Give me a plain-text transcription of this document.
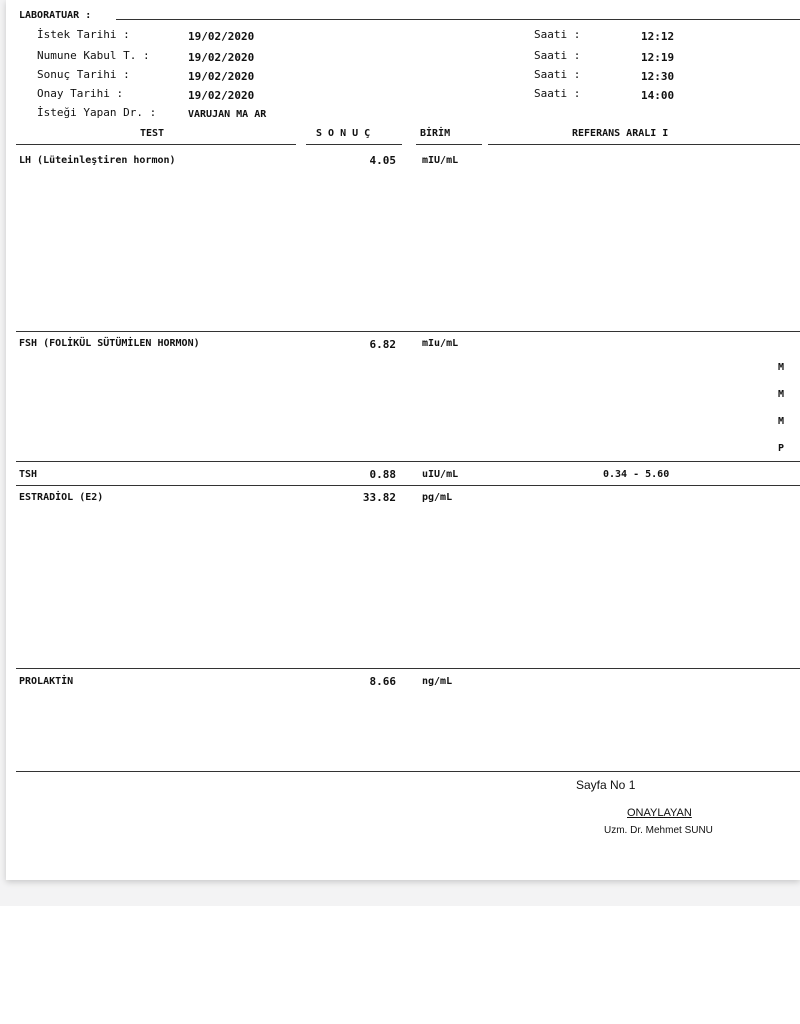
LABORATUAR :
İstek Tarihi :	19/02/2020	Saati :	12:12
Numune Kabul T. :	19/02/2020	Saati :	12:19
Sonuç Tarihi :	19/02/2020	Saati :	12:30
Onay Tarihi :	19/02/2020	Saati :	14:00
İsteği Yapan Dr. :	VARUJAN MA AR
TEST	S O N U Ç	BİRİM	REFERANS ARALI I
LH (Lüteinleştiren hormon)	4.05	mIU/mL
FSH (FOLİKÜL SÜTÜMİLEN HORMON)	6.82	mIu/mL
M
M
M
P
TSH	0.88	uIU/mL	0.34 - 5.60
ESTRADİOL (E2)	33.82	pg/mL
PROLAKTİN	8.66	ng/mL
Sayfa No 1
ONAYLAYAN
Uzm. Dr. Mehmet SUNU
